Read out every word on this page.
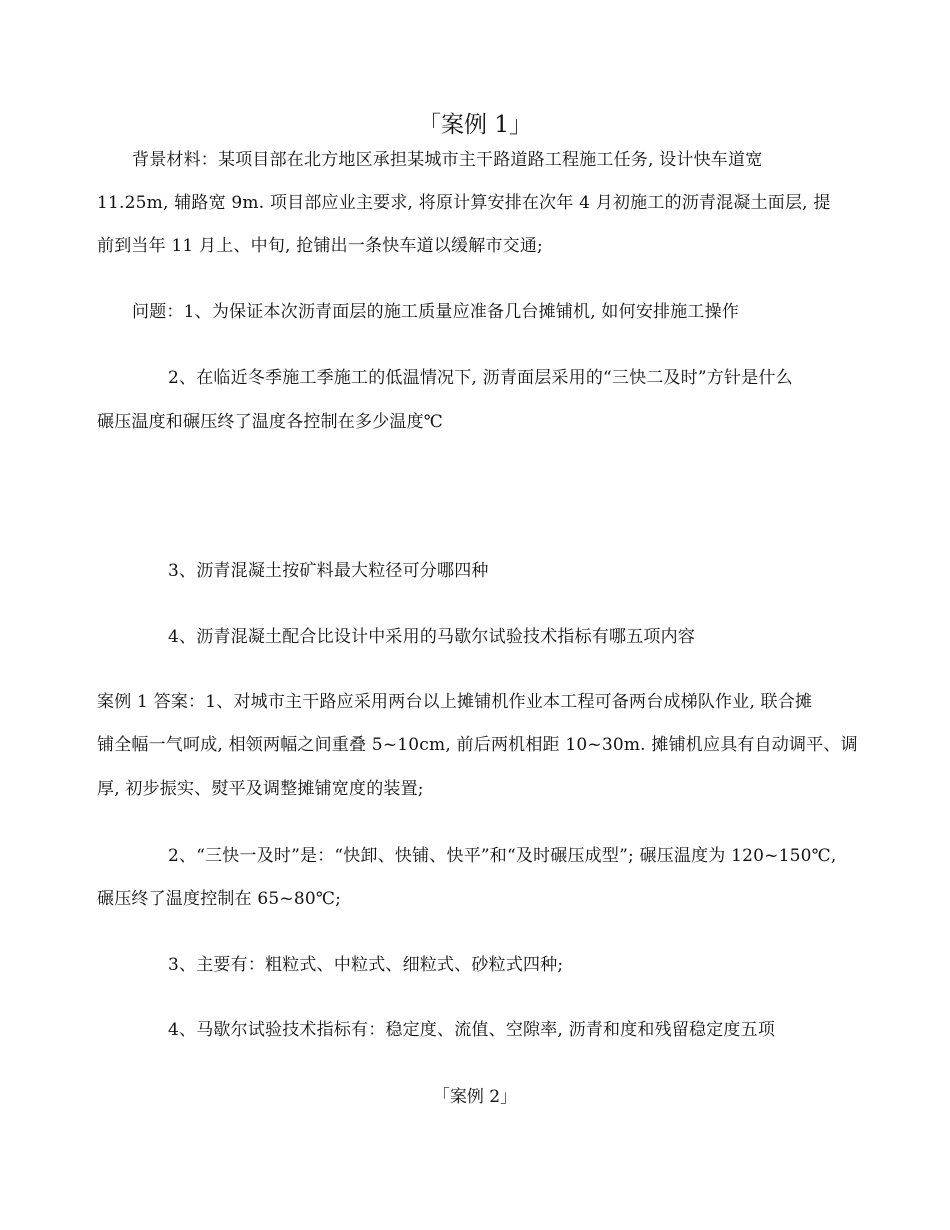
「案例 1」
背景材料：某项目部在北方地区承担某城市主干路道路工程施工任务, 设计快车道宽
11.25m, 辅路宽 9m. 项目部应业主要求, 将原计算安排在次年 4 月初施工的沥青混凝土面层, 提
前到当年 11 月上、中旬, 抢铺出一条快车道以缓解市交通;
问题：1、为保证本次沥青面层的施工质量应准备几台摊铺机, 如何安排施工操作
2、在临近冬季施工季施工的低温情况下, 沥青面层采用的“三快二及时”方针是什么
碾压温度和碾压终了温度各控制在多少温度℃
3、沥青混凝土按矿料最大粒径可分哪四种
4、沥青混凝土配合比设计中采用的马歇尔试验技术指标有哪五项内容
案例 1 答案：1、对城市主干路应采用两台以上摊铺机作业本工程可备两台成梯队作业, 联合摊
铺全幅一气呵成, 相领两幅之间重叠 5~10cm, 前后两机相距 10~30m. 摊铺机应具有自动调平、调
厚, 初步振实、熨平及调整摊铺宽度的装置;
2、“三快一及时”是：“快卸、快铺、快平”和“及时碾压成型”; 碾压温度为 120~150℃,
碾压终了温度控制在 65~80℃;
3、主要有：粗粒式、中粒式、细粒式、砂粒式四种;
4、马歇尔试验技术指标有：稳定度、流值、空隙率, 沥青和度和残留稳定度五项
「案例 2」
